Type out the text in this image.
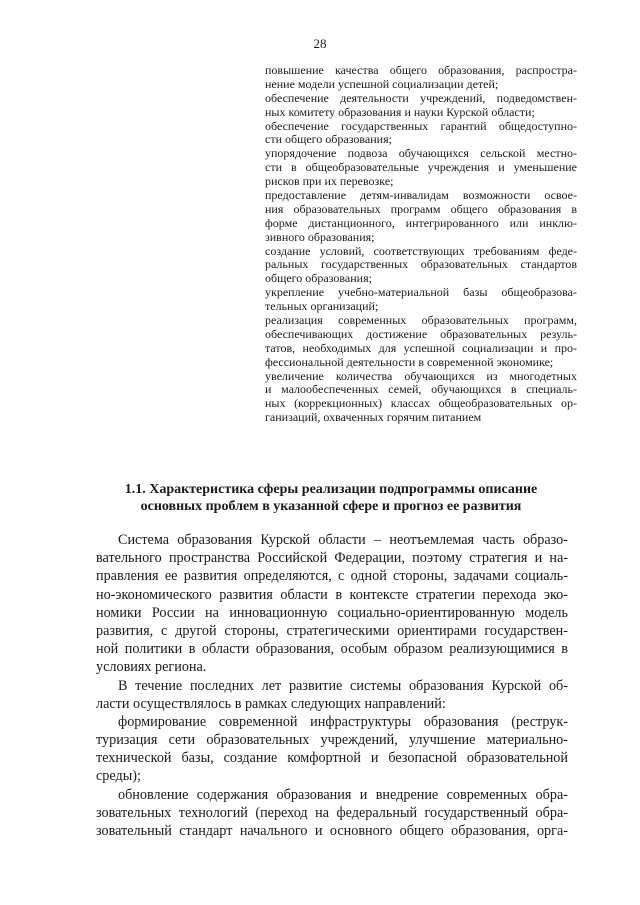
28
повышение качества общего образования, распростра-
нение модели успешной социализации детей;
обеспечение деятельности учреждений, подведомствен-
ных комитету образования и науки Курской области;
обеспечение государственных гарантий общедоступно-
сти общего образования;
упорядочение подвоза обучающихся сельской местно-
сти в общеобразовательные учреждения и уменьшение
рисков при их перевозке;
предоставление детям-инвалидам возможности освое-
ния образовательных программ общего образования в
форме дистанционного, интегрированного или инклю-
зивного образования;
создание условий, соответствующих требованиям феде-
ральных государственных образовательных стандартов
общего образования;
укрепление учебно-материальной базы общеобразова-
тельных организаций;
реализация современных образовательных программ,
обеспечивающих достижение образовательных резуль-
татов, необходимых для успешной социализации и про-
фессиональной деятельности в современной экономике;
увеличение количества обучающихся из многодетных
и малообеспеченных семей, обучающихся в специаль-
ных (коррекционных) классах общеобразовательных ор-
ганизаций, охваченных горячим питанием
1.1. Характеристика сферы реализации подпрограммы описание
основных проблем в указанной сфере и прогноз ее развития
Система образования Курской области – неотъемлемая часть образо-
вательного пространства Российской Федерации, поэтому стратегия и на-
правления ее развития определяются, с одной стороны, задачами социаль-
но-экономического развития области в контексте стратегии перехода эко-
номики России на инновационную социально-ориентированную модель
развития, с другой стороны, стратегическими ориентирами государствен-
ной политики в области образования, особым образом реализующимися в
условиях региона.
В течение последних лет развитие системы образования Курской об-
ласти осуществлялось в рамках следующих направлений:
формирование современной инфраструктуры образования (реструк-
туризация сети образовательных учреждений, улучшение материально-
технической базы, создание комфортной и безопасной образовательной
среды);
обновление содержания образования и внедрение современных обра-
зовательных технологий (переход на федеральный государственный обра-
зовательный стандарт начального и основного общего образования, орга-
